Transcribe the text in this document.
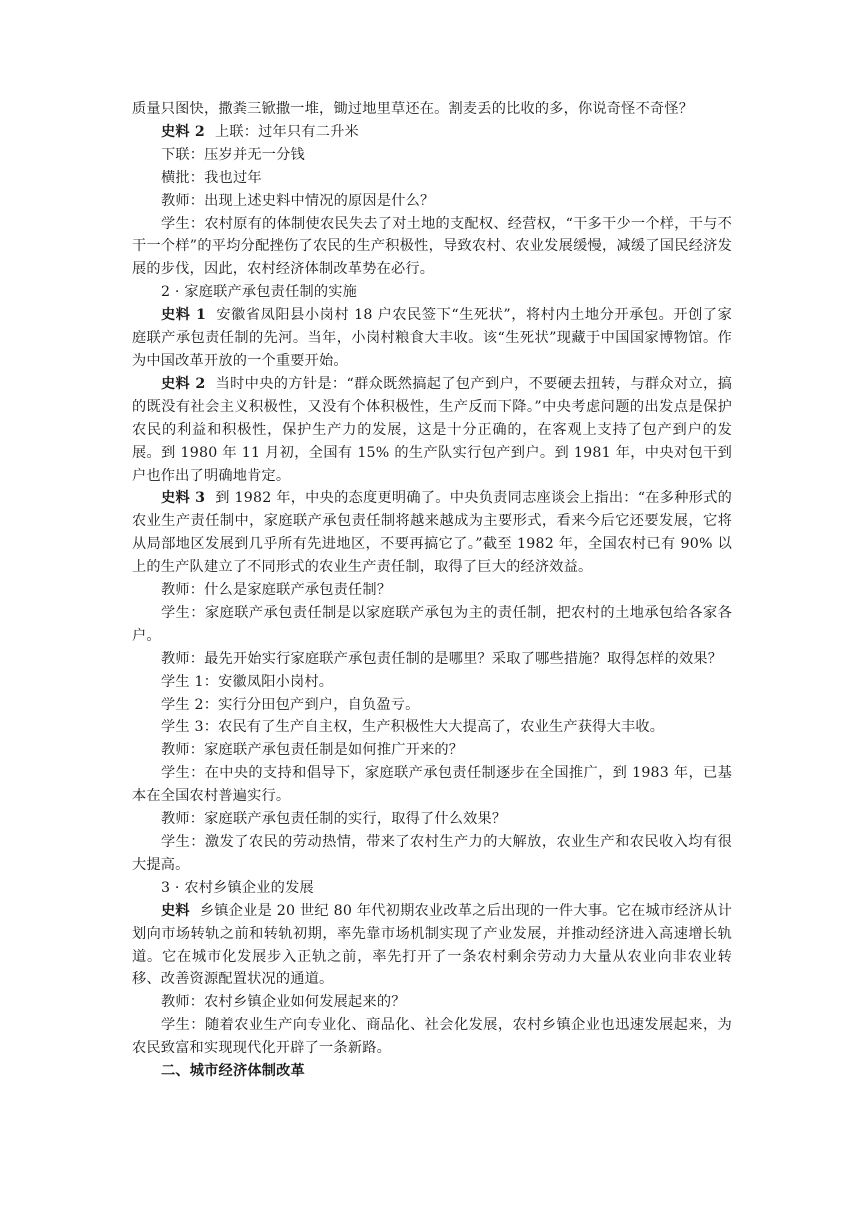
质量只图快，撒粪三锨撒一堆，锄过地里草还在。割麦丢的比收的多，你说奇怪不奇怪？

史料 2 上联：过年只有二升米

下联：压岁并无一分钱

横批：我也过年

教师：出现上述史料中情况的原因是什么？

学生：农村原有的体制使农民失去了对土地的支配权、经营权，“干多干少一个样，干与不干一个样”的平均分配挫伤了农民的生产积极性，导致农村、农业发展缓慢，减缓了国民经济发展的步伐，因此，农村经济体制改革势在必行。

2 · 家庭联产承包责任制的实施

史料 1 安徽省凤阳县小岗村 18 户农民签下“生死状”，将村内土地分开承包。开创了家庭联产承包责任制的先河。当年，小岗村粮食大丰收。该“生死状”现藏于中国国家博物馆。作为中国改革开放的一个重要开始。

史料 2 当时中央的方针是：“群众既然搞起了包产到户，不要硬去扭转，与群众对立，搞的既没有社会主义积极性，又没有个体积极性，生产反而下降。”中央考虑问题的出发点是保护农民的利益和积极性，保护生产力的发展，这是十分正确的，在客观上支持了包产到户的发展。到 1980 年 11 月初，全国有 15% 的生产队实行包产到户。到 1981 年，中央对包干到户也作出了明确地肯定。

史料 3 到 1982 年，中央的态度更明确了。中央负责同志座谈会上指出：“在多种形式的农业生产责任制中，家庭联产承包责任制将越来越成为主要形式，看来今后它还要发展，它将从局部地区发展到几乎所有先进地区，不要再搞它了。”截至 1982 年，全国农村已有 90% 以上的生产队建立了不同形式的农业生产责任制，取得了巨大的经济效益。

教师：什么是家庭联产承包责任制？

学生：家庭联产承包责任制是以家庭联产承包为主的责任制，把农村的土地承包给各家各户。

教师：最先开始实行家庭联产承包责任制的是哪里？采取了哪些措施？取得怎样的效果？

学生 1：安徽凤阳小岗村。

学生 2：实行分田包产到户，自负盈亏。

学生 3：农民有了生产自主权，生产积极性大大提高了，农业生产获得大丰收。

教师：家庭联产承包责任制是如何推广开来的？

学生：在中央的支持和倡导下，家庭联产承包责任制逐步在全国推广，到 1983 年，已基本在全国农村普遍实行。

教师：家庭联产承包责任制的实行，取得了什么效果？

学生：激发了农民的劳动热情，带来了农村生产力的大解放，农业生产和农民收入均有很大提高。

3 · 农村乡镇企业的发展

史料 乡镇企业是 20 世纪 80 年代初期农业改革之后出现的一件大事。它在城市经济从计划向市场转轨之前和转轨初期，率先靠市场机制实现了产业发展，并推动经济进入高速增长轨道。它在城市化发展步入正轨之前，率先打开了一条农村剩余劳动力大量从农业向非农业转移、改善资源配置状况的通道。

教师：农村乡镇企业如何发展起来的？

学生：随着农业生产向专业化、商品化、社会化发展，农村乡镇企业也迅速发展起来，为农民致富和实现现代化开辟了一条新路。

二、城市经济体制改革
